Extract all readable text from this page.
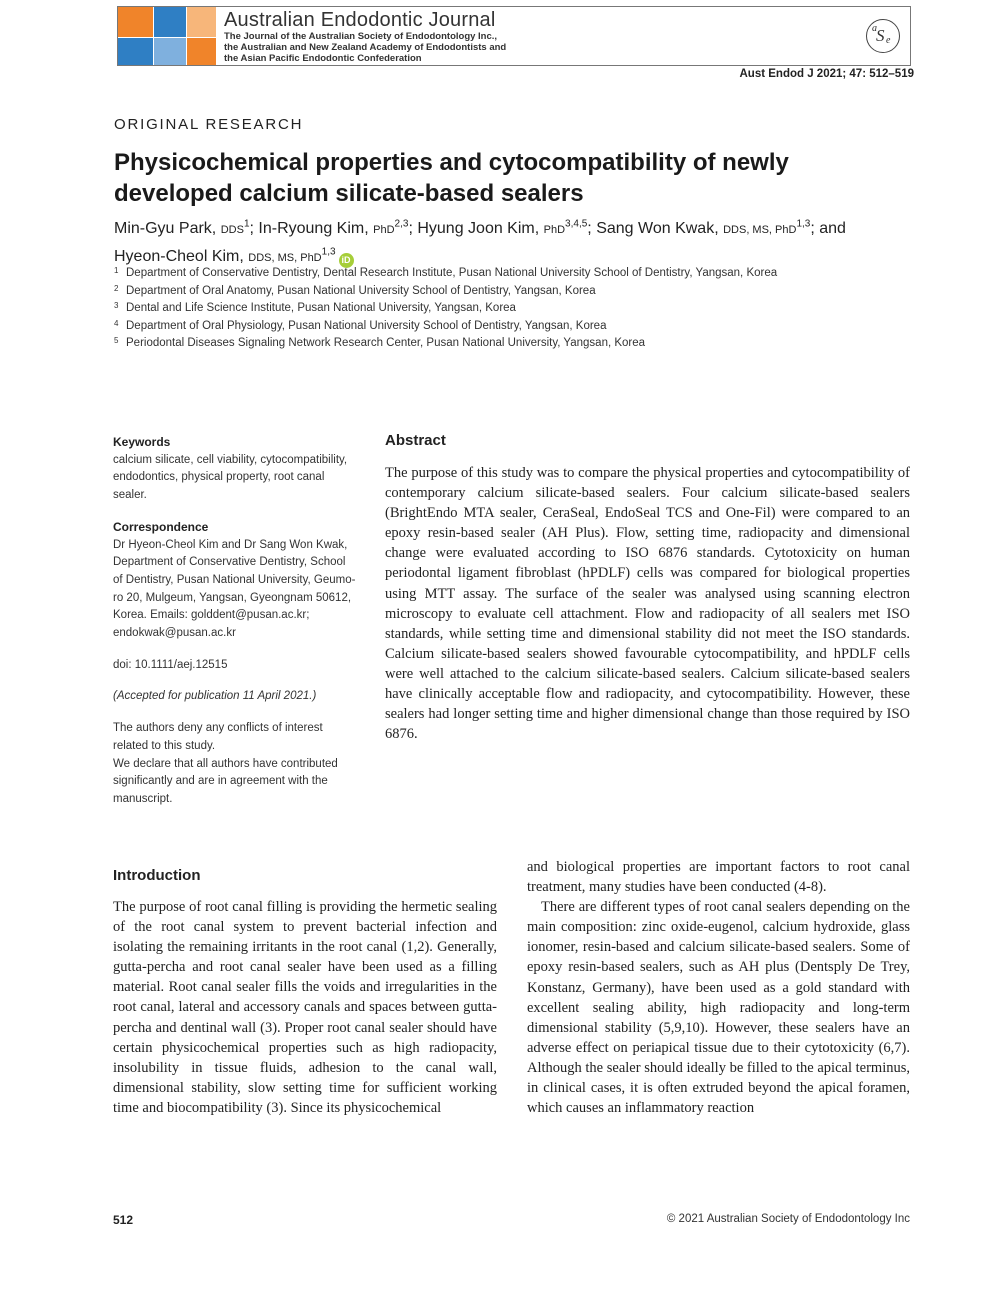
Australian Endodontic Journal
The Journal of the Australian Society of Endodontology Inc.,
the Australian and New Zealand Academy of Endodontists and
the Asian Pacific Endodontic Confederation
a S e
Aust Endod J 2021; 47: 512–519
ORIGINAL RESEARCH
Physicochemical properties and cytocompatibility of newly developed calcium silicate-based sealers
Min-Gyu Park, DDS$^1$; In-Ryoung Kim, PhD$^{2,3}$; Hyung Joon Kim, PhD$^{3,4,5}$; Sang Won Kwak, DDS, MS, PhD$^{1,3}$; and
Hyeon-Cheol Kim, DDS, MS, PhD$^{1,3}$iD
1 Department of Conservative Dentistry, Dental Research Institute, Pusan National University School of Dentistry, Yangsan, Korea
2 Department of Oral Anatomy, Pusan National University School of Dentistry, Yangsan, Korea
3 Dental and Life Science Institute, Pusan National University, Yangsan, Korea
4 Department of Oral Physiology, Pusan National University School of Dentistry, Yangsan, Korea
5 Periodontal Diseases Signaling Network Research Center, Pusan National University, Yangsan, Korea
Keywords

calcium silicate, cell viability, cytocompatibility,

endodontics, physical property, root canal

sealer.

Correspondence

Dr Hyeon-Cheol Kim and Dr Sang Won Kwak,

Department of Conservative Dentistry, School

of Dentistry, Pusan National University, Geumo-

ro 20, Mulgeum, Yangsan, Gyeongnam 50612,

Korea. Emails: golddent@pusan.ac.kr;

endokwak@pusan.ac.kr

doi: 10.1111/aej.12515

(Accepted for publication 11 April 2021.)

The authors deny any conflicts of interest

related to this study.

We declare that all authors have contributed

significantly and are in agreement with the

manuscript.

Abstract

The purpose of this study was to compare the physical properties and cytocompatibility of contemporary calcium silicate-based sealers. Four calcium silicate-based sealers (BrightEndo MTA sealer, CeraSeal, EndoSeal TCS and One-Fil) were compared to an epoxy resin-based sealer (AH Plus). Flow, setting time, radiopacity and dimensional change were evaluated according to ISO 6876 standards. Cytotoxicity on human periodontal ligament fibroblast (hPDLF) cells was compared for biological properties using MTT assay. The surface of the sealer was analysed using scanning electron microscopy to evaluate cell attachment. Flow and radiopacity of all sealers met ISO standards, while setting time and dimensional stability did not meet the ISO standards. Calcium silicate-based sealers showed favourable cytocompatibility, and hPDLF cells were well attached to the calcium silicate-based sealers. Calcium silicate-based sealers have clinically acceptable flow and radiopacity, and cytocompatibility. However, these sealers had longer setting time and higher dimensional change than those required by ISO 6876.

Introduction

The purpose of root canal filling is providing the hermetic sealing of the root canal system to prevent bacterial infection and isolating the remaining irritants in the root canal (1,2). Generally, gutta-percha and root canal sealer have been used as a filling material. Root canal sealer fills the voids and irregularities in the root canal, lateral and accessory canals and spaces between gutta-percha and dentinal wall (3). Proper root canal sealer should have certain physicochemical properties such as high radiopacity, insolubility in tissue fluids, adhesion to the canal wall, dimensional stability, slow setting time for sufficient working time and biocompatibility (3). Since its physicochemical

and biological properties are important factors to root canal treatment, many studies have been conducted (4-8).

There are different types of root canal sealers depending on the main composition: zinc oxide-eugenol, calcium hydroxide, glass ionomer, resin-based and calcium silicate-based sealers. Some of epoxy resin-based sealers, such as AH plus (Dentsply De Trey, Konstanz, Germany), have been used as a gold standard with excellent sealing ability, high radiopacity and long-term dimensional stability (5,9,10). However, these sealers have an adverse effect on periapical tissue due to their cytotoxicity (6,7). Although the sealer should ideally be filled to the apical terminus, in clinical cases, it is often extruded beyond the apical foramen, which causes an inflammatory reaction

512	© 2021 Australian Society of Endodontology Inc
